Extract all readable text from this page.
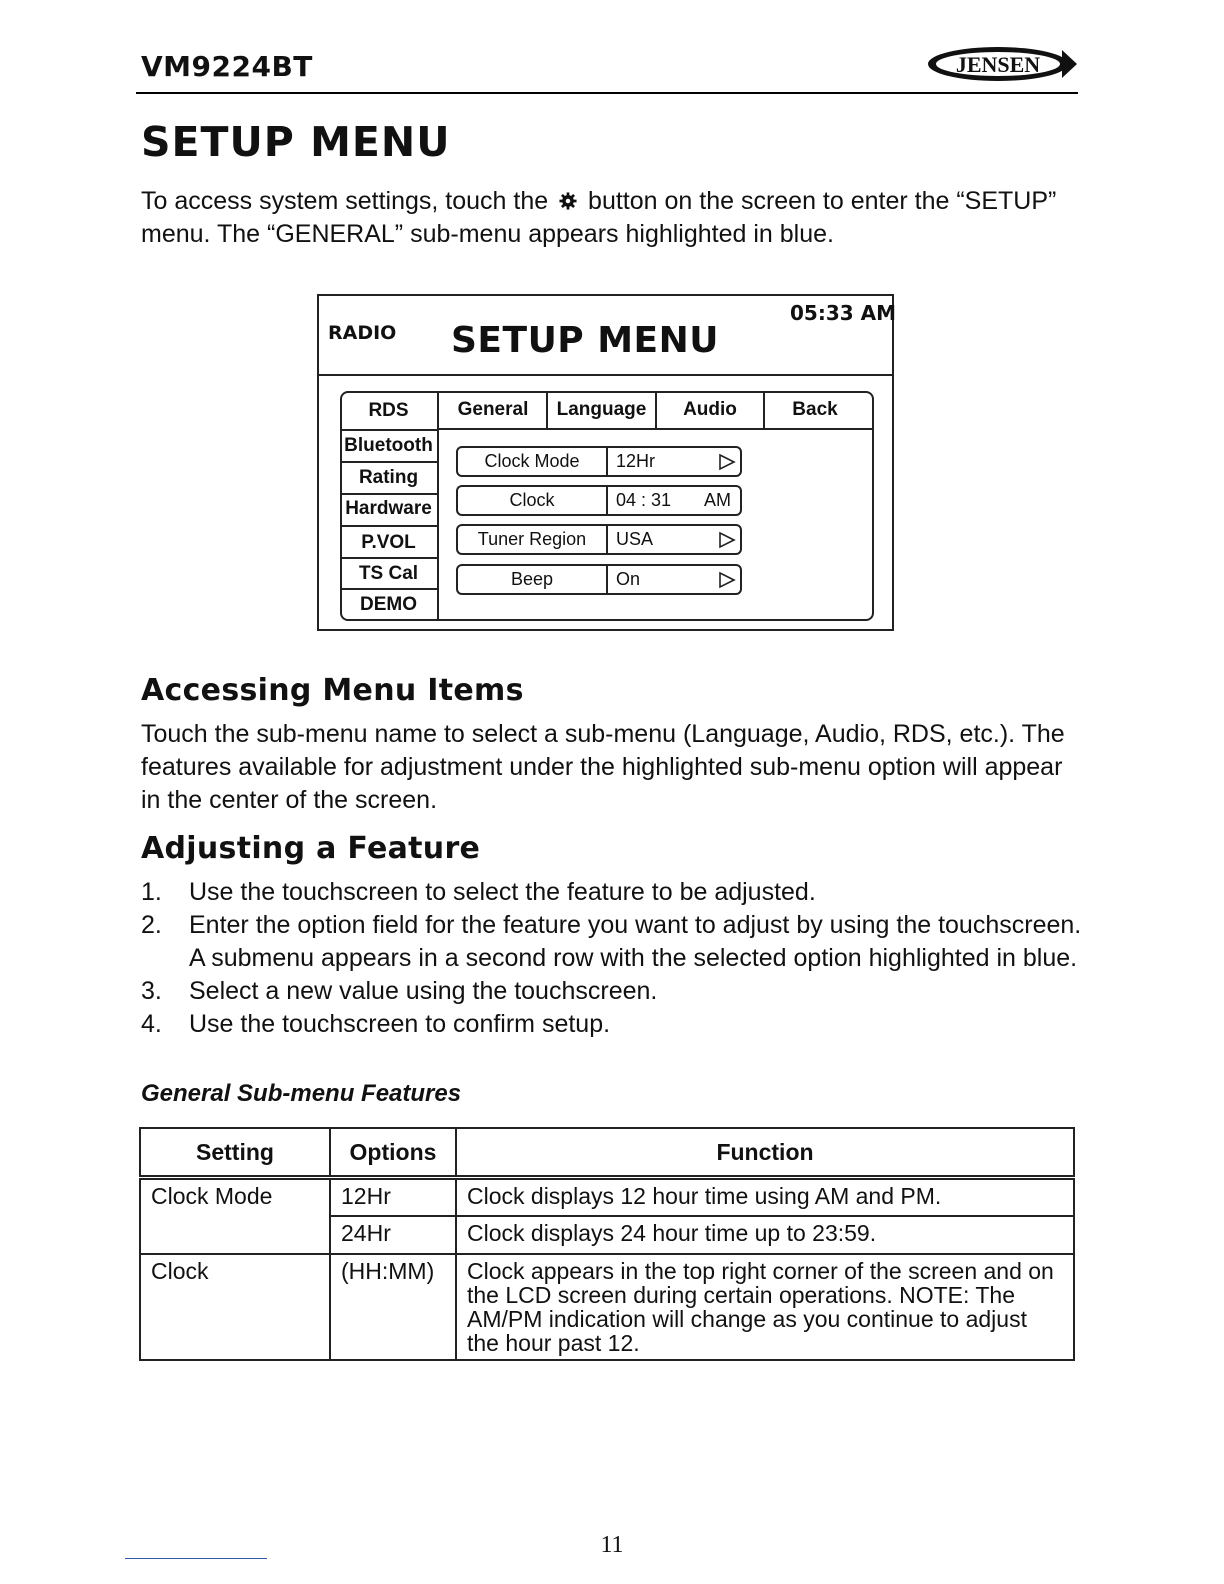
VM9224BT	JENSEN
SETUP MENU
To access system settings, touch the button on the screen to enter the “SETUP” menu. The “GENERAL” sub-menu appears highlighted in blue.
RADIO SETUP MENU
05:33 AM
RDS
Bluetooth
Rating
Hardware
P.VOL
TS Cal
DEMO
General	Language	Audio	Back
Clock Mode	12Hr
Clock	04 : 31 AM
Tuner Region	USA
Beep	On
Accessing Menu Items
Touch the sub-menu name to select a sub-menu (Language, Audio, RDS, etc.). The features available for adjustment under the highlighted sub-menu option will appear in the center of the screen.
Adjusting a Feature
1. Use the touchscreen to select the feature to be adjusted.
2. Enter the option field for the feature you want to adjust by using the touchscreen. A submenu appears in a second row with the selected option highlighted in blue.
3. Select a new value using the touchscreen.
4. Use the touchscreen to confirm setup.
General Sub-menu Features
Setting	Options	Function
Clock Mode	12Hr	Clock displays 12 hour time using AM and PM.
	24Hr	Clock displays 24 hour time up to 23:59.
Clock	(HH:MM)	Clock appears in the top right corner of the screen and on the LCD screen during certain operations. NOTE: The AM/PM indication will change as you continue to adjust the hour past 12.
11
